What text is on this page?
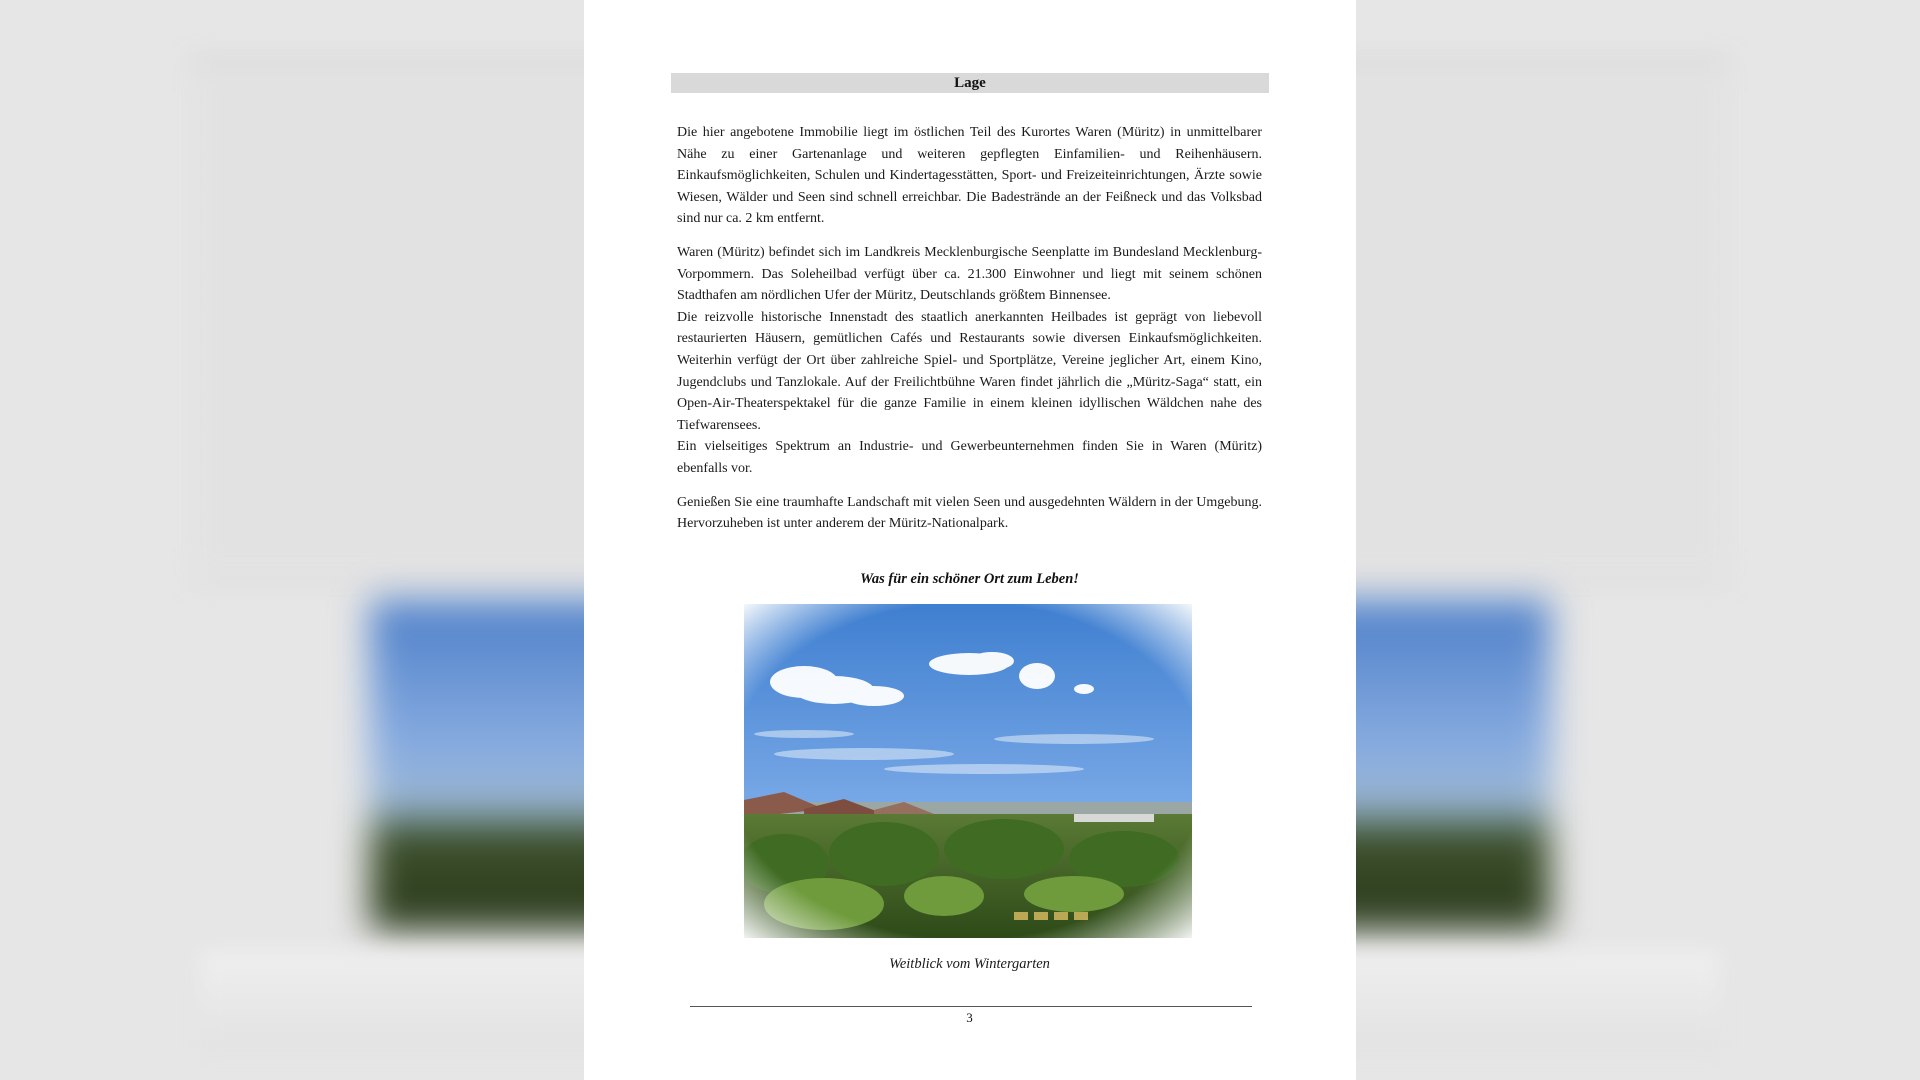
Lage

Die hier angebotene Immobilie liegt im östlichen Teil des Kurortes Waren (Müritz) in unmittelbarer Nähe zu einer Gartenanlage und weiteren gepflegten Einfamilien- und Reihenhäusern. Einkaufsmöglichkeiten, Schulen und Kindertagesstätten, Sport- und Freizeiteinrichtungen, Ärzte sowie Wiesen, Wälder und Seen sind schnell erreichbar. Die Badestrände an der Feißneck und das Volksbad sind nur ca. 2 km entfernt.

Waren (Müritz) befindet sich im Landkreis Mecklenburgische Seenplatte im Bundesland Mecklenburg-Vorpommern. Das Soleheilbad verfügt über ca. 21.300 Einwohner und liegt mit seinem schönen Stadthafen am nördlichen Ufer der Müritz, Deutschlands größtem Binnensee.

Die reizvolle historische Innenstadt des staatlich anerkannten Heilbades ist geprägt von liebevoll restaurierten Häusern, gemütlichen Cafés und Restaurants sowie diversen Einkaufsmöglichkeiten. Weiterhin verfügt der Ort über zahlreiche Spiel- und Sportplätze, Vereine jeglicher Art, einem Kino, Jugendclubs und Tanzlokale. Auf der Freilichtbühne Waren findet jährlich die „Müritz-Saga“ statt, ein Open-Air-Theaterspektakel für die ganze Familie in einem kleinen idyllischen Wäldchen nahe des Tiefwarensees.

Ein vielseitiges Spektrum an Industrie- und Gewerbeunternehmen finden Sie in Waren (Müritz) ebenfalls vor.

Genießen Sie eine traumhafte Landschaft mit vielen Seen und ausgedehnten Wäldern in der Umgebung. Hervorzuheben ist unter anderem der Müritz-Nationalpark.

Was für ein schöner Ort zum Leben!
Weitblick vom Wintergarten
3
